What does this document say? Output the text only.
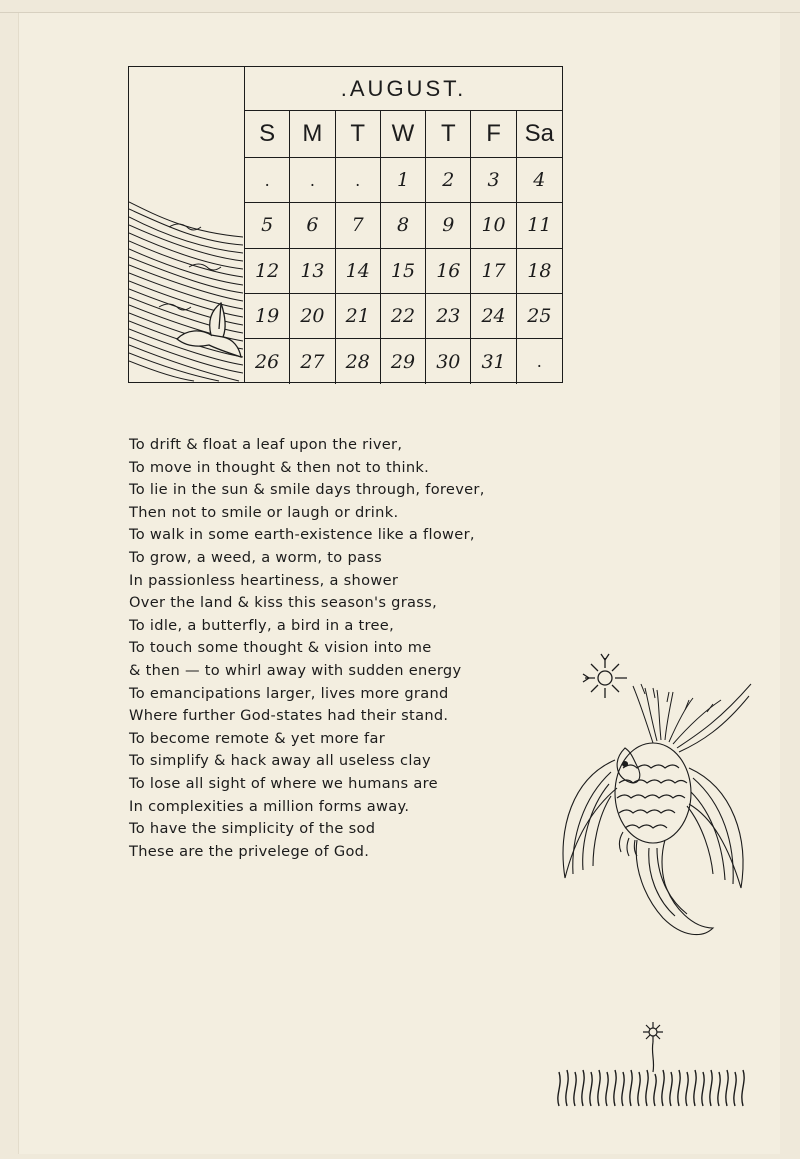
.AUGUST.
S	M	T	W	T	F Sa
.	.	.	1	2	3	4
5	6	7	8	9	10	11
12	13	14	15	16	17	18
19	20	21	22	23	24	25
26	27	28	29	30	31	.
To drift & float a leaf upon the river,
To move in thought & then not to think.
To lie in the sun & smile days through, forever,
Then not to smile or laugh or drink.
To walk in some earth-existence like a flower,
To grow, a weed, a worm, to pass
In passionless heartiness, a shower
Over the land & kiss this season's grass,
To idle, a butterfly, a bird in a tree,
To touch some thought & vision into me
& then — to whirl away with sudden energy
To emancipations larger, lives more grand
Where further God-states had their stand.
To become remote & yet more far
To simplify & hack away all useless clay
To lose all sight of where we humans are
In complexities a million forms away.
To have the simplicity of the sod
These are the privelege of God.
